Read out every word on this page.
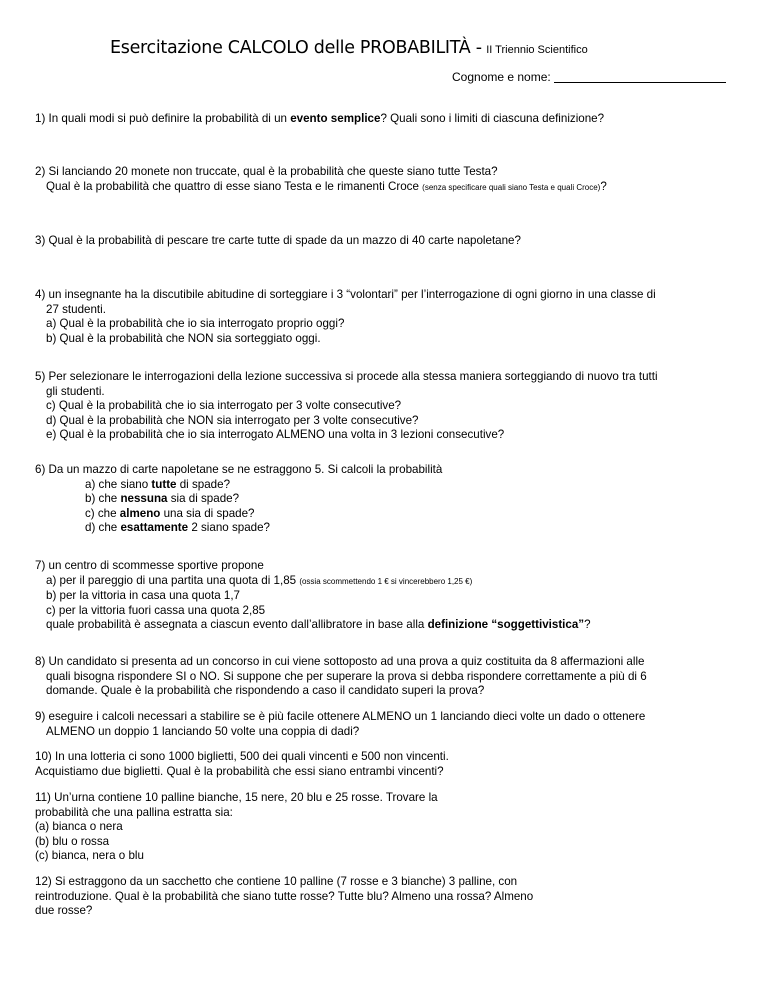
Esercitazione CALCOLO delle PROBABILITÀ - II Triennio Scientifico
Cognome e nome:

1) In quali modi si può definire la probabilità di un evento semplice? Quali sono i limiti di ciascuna definizione?

2) Si lanciando 20 monete non truccate, qual è la probabilità che queste siano tutte Testa?

Qual è la probabilità che quattro di esse siano Testa e le rimanenti Croce (senza specificare quali siano Testa e quali Croce)?

3) Qual è la probabilità di pescare tre carte tutte di spade da un mazzo di 40 carte napoletane?

4) un insegnante ha la discutibile abitudine di sorteggiare i 3 “volontari” per l’interrogazione di ogni giorno in una classe di

27 studenti.

a) Qual è la probabilità che io sia interrogato proprio oggi?

b) Qual è la probabilità che NON sia sorteggiato oggi.

5) Per selezionare le interrogazioni della lezione successiva si procede alla stessa maniera sorteggiando di nuovo tra tutti

gli studenti.

c) Qual è la probabilità che io sia interrogato per 3 volte consecutive?

d) Qual è la probabilità che NON sia interrogato per 3 volte consecutive?

e) Qual è la probabilità che io sia interrogato ALMENO una volta in 3 lezioni consecutive?

6) Da un mazzo di carte napoletane se ne estraggono 5. Si calcoli la probabilità

a) che siano tutte di spade?

b) che nessuna sia di spade?

c) che almeno una sia di spade?

d) che esattamente 2 siano spade?

7) un centro di scommesse sportive propone

a) per il pareggio di una partita una quota di 1,85 (ossia scommettendo 1 € si vincerebbero 1,25 €)

b) per la vittoria in casa una quota 1,7

c) per la vittoria fuori cassa una quota 2,85

quale probabilità è assegnata a ciascun evento dall’allibratore in base alla definizione “soggettivistica”?

8) Un candidato si presenta ad un concorso in cui viene sottoposto ad una prova a quiz costituita da 8 affermazioni alle

quali bisogna rispondere SI o NO. Si suppone che per superare la prova si debba rispondere correttamente a più di 6

domande. Quale è la probabilità che rispondendo a caso il candidato superi la prova?

9) eseguire i calcoli necessari a stabilire se è più facile ottenere ALMENO un 1 lanciando dieci volte un dado o ottenere

ALMENO un doppio 1 lanciando 50 volte una coppia di dadi?

10) In una lotteria ci sono 1000 biglietti, 500 dei quali vincenti e 500 non vincenti.

Acquistiamo due biglietti. Qual è la probabilità che essi siano entrambi vincenti?

11) Un’urna contiene 10 palline bianche, 15 nere, 20 blu e 25 rosse. Trovare la

probabilità che una pallina estratta sia:

(a) bianca o nera

(b) blu o rossa

(c) bianca, nera o blu

12) Si estraggono da un sacchetto che contiene 10 palline (7 rosse e 3 bianche) 3 palline, con

reintroduzione. Qual è la probabilità che siano tutte rosse? Tutte blu? Almeno una rossa? Almeno

due rosse?
